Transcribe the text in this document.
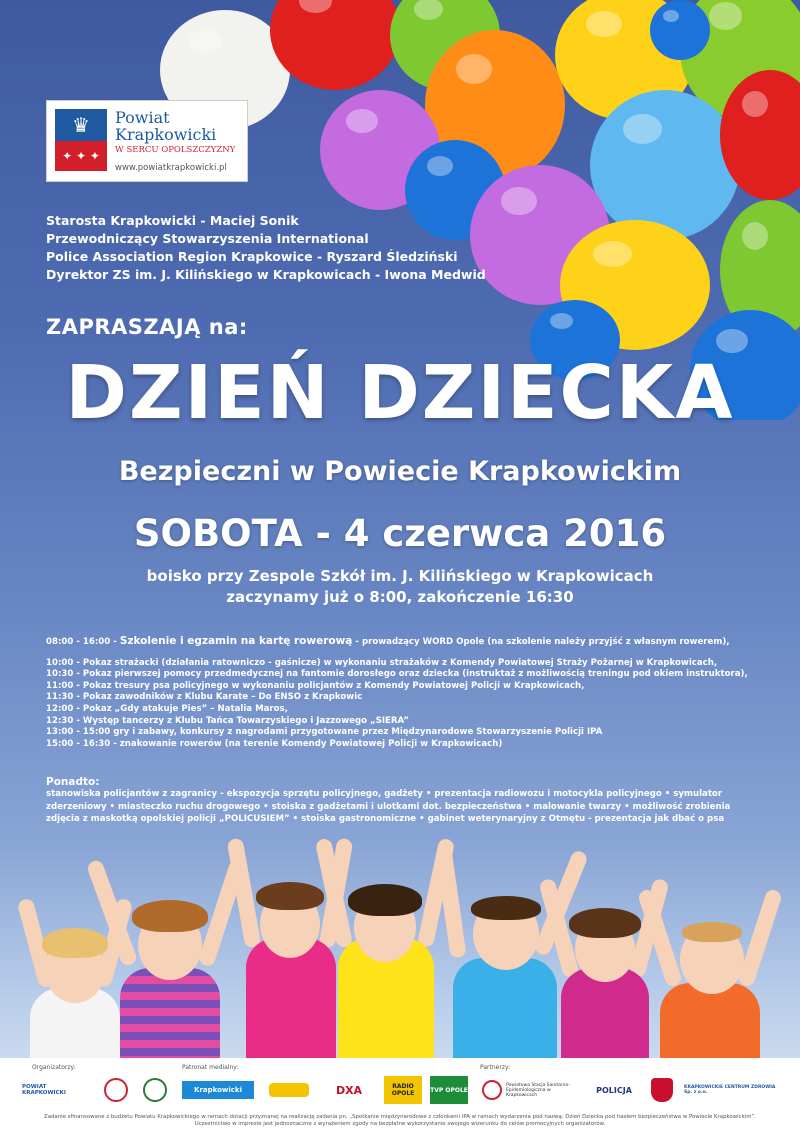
♛
✦ ✦ ✦
Powiat
Krapkowicki
W SERCU OPOLSZCZYZNY
www.powiatkrapkowicki.pl
Starosta Krapkowicki - Maciej Sonik
Przewodniczący Stowarzyszenia International
Police Association Region Krapkowice - Ryszard Śledziński
Dyrektor ZS im. J. Kilińskiego w Krapkowicach - Iwona Medwid
ZAPRASZAJĄ na:
DZIEŃ DZIECKA
Bezpieczni w Powiecie Krapkowickim
SOBOTA - 4 czerwca 2016
boisko przy Zespole Szkół im. J. Kilińskiego w Krapkowicach
zaczynamy już o 8:00, zakończenie 16:30
08:00 - 16:00 - Szkolenie i egzamin na kartę rowerową - prowadzący WORD Opole (na szkolenie należy przyjść z własnym rowerem),
10:00 - Pokaz strażacki (działania ratowniczo - gaśnicze) w wykonaniu strażaków z Komendy Powiatowej Straży Pożarnej w Krapkowicach,
10:30 - Pokaz pierwszej pomocy przedmedycznej na fantomie dorosłego oraz dziecka (instruktaż z możliwością treningu pod okiem instruktora),
11:00 - Pokaz tresury psa policyjnego w wykonaniu policjantów z Komendy Powiatowej Policji w Krapkowicach,
11:30 - Pokaz zawodników z Klubu Karate – Do ENSO z Krapkowic
12:00 - Pokaz „Gdy atakuje Pies” – Natalia Maros,
12:30 - Występ tancerzy z Klubu Tańca Towarzyskiego i Jazzowego „SIERA”
13:00 - 15:00 gry i zabawy, konkursy z nagrodami przygotowane przez Międzynarodowe Stowarzyszenie Policji IPA
15:00 - 16:30 - znakowanie rowerów (na terenie Komendy Powiatowej Policji w Krapkowicach)
Ponadto:
stanowiska policjantów z zagranicy - ekspozycja sprzętu policyjnego, gadżety • prezentacja radiowozu i motocykla policyjnego • symulator
zderzeniowy • miasteczko ruchu drogowego • stoiska z gadżetami i ulotkami dot. bezpieczeństwa • malowanie twarzy • możliwość zrobienia
zdjęcia z maskotką opolskiej policji „POLICUSIEM” • stoiska gastronomiczne • gabinet weterynaryjny z Otmętu - prezentacja jak dbać o psa
Organizatorzy:	Patronat medialny:	Partnerzy:
POWIAT KRAPKOWICKI	Krapkowicki	DXA	RADIO OPOLE	TVP OPOLE
Powiatowa Stacja Sanitarno-Epidemiologiczna w Krapkowicach
POLICJA	KRAPKOWICKIE CENTRUM ZDROWIA Sp. z o.o.
Zadanie sfinansowane z budżetu Powiatu Krapkowickiego w ramach dotacji przyznanej na realizację zadania pn. „Spotkanie międzynarodowe z członkami IPA w ramach wydarzenia pod nazwą: Dzień Dziecka pod hasłem bezpieczeństwa w Powiecie Krapkowickim”.
Uczestnictwo w imprezie jest jednoznaczne z wyrażeniem zgody na bezpłatne wykorzystanie swojego wizerunku do celów promocyjnych organizatorów.
